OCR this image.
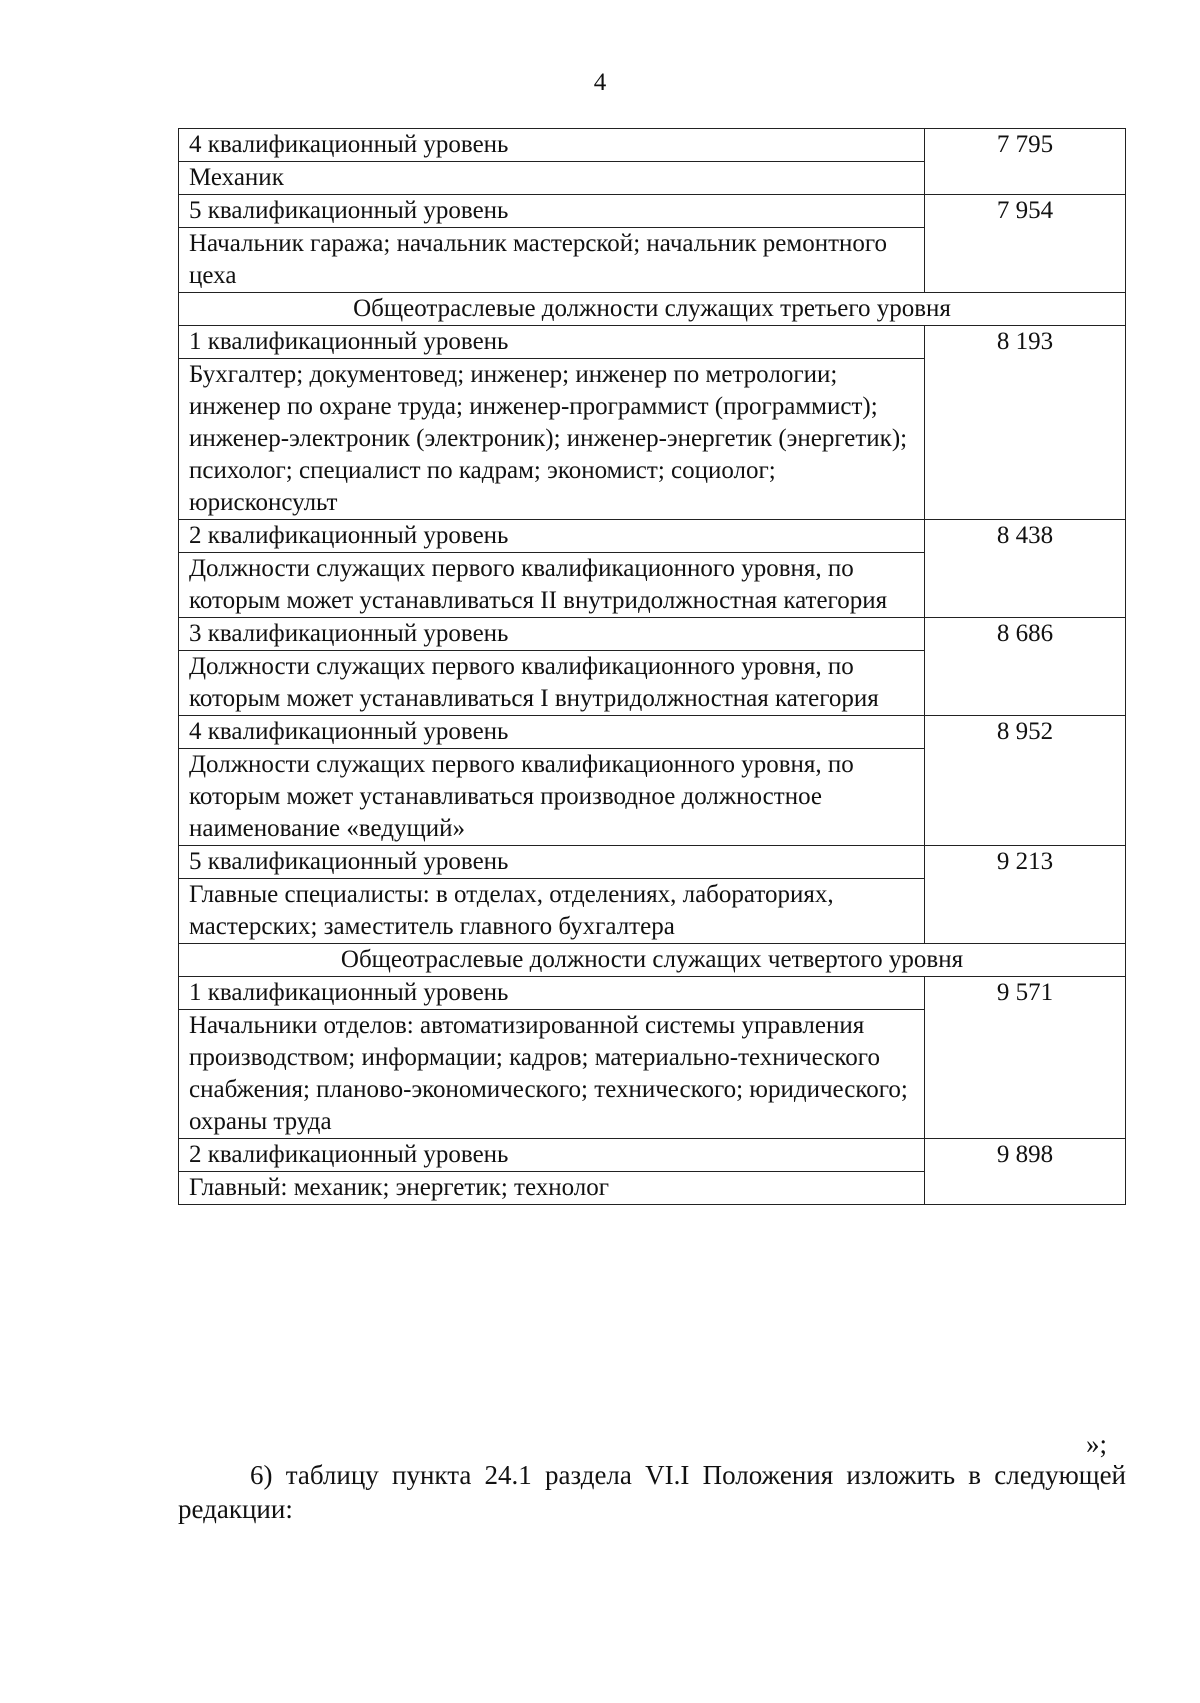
4
4 квалификационный уровень	7 795
Механик	
5 квалификационный уровень	7 954
Начальник гаража; начальник мастерской; начальник ремонтного цеха	
Общеотраслевые должности служащих третьего уровня	
1 квалификационный уровень	8 193
Бухгалтер; документовед; инженер; инженер по метрологии; инженер по охране труда; инженер-программист (программист); инженер-электроник (электроник); инженер-энергетик (энергетик); психолог; специалист по кадрам; экономист; социолог; юрисконсульт	
2 квалификационный уровень	8 438
Должности служащих первого квалификационного уровня, по которым может устанавливаться II внутридолжностная категория	
3 квалификационный уровень	8 686
Должности служащих первого квалификационного уровня, по которым может устанавливаться I внутридолжностная категория	
4 квалификационный уровень	8 952
Должности служащих первого квалификационного уровня, по которым может устанавливаться производное должностное наименование «ведущий»	
5 квалификационный уровень	9 213
Главные специалисты: в отделах, отделениях, лабораториях, мастерских; заместитель главного бухгалтера	
Общеотраслевые должности служащих четвертого уровня	
1 квалификационный уровень	9 571
Начальники отделов: автоматизированной системы управления производством; информации; кадров; материально-технического снабжения; планово-экономического; технического; юридического; охраны труда	
2 квалификационный уровень	9 898
Главный: механик; энергетик; технолог	
»;
6) таблицу пункта 24.1 раздела VI.I Положения изложить в следующей редакции:
